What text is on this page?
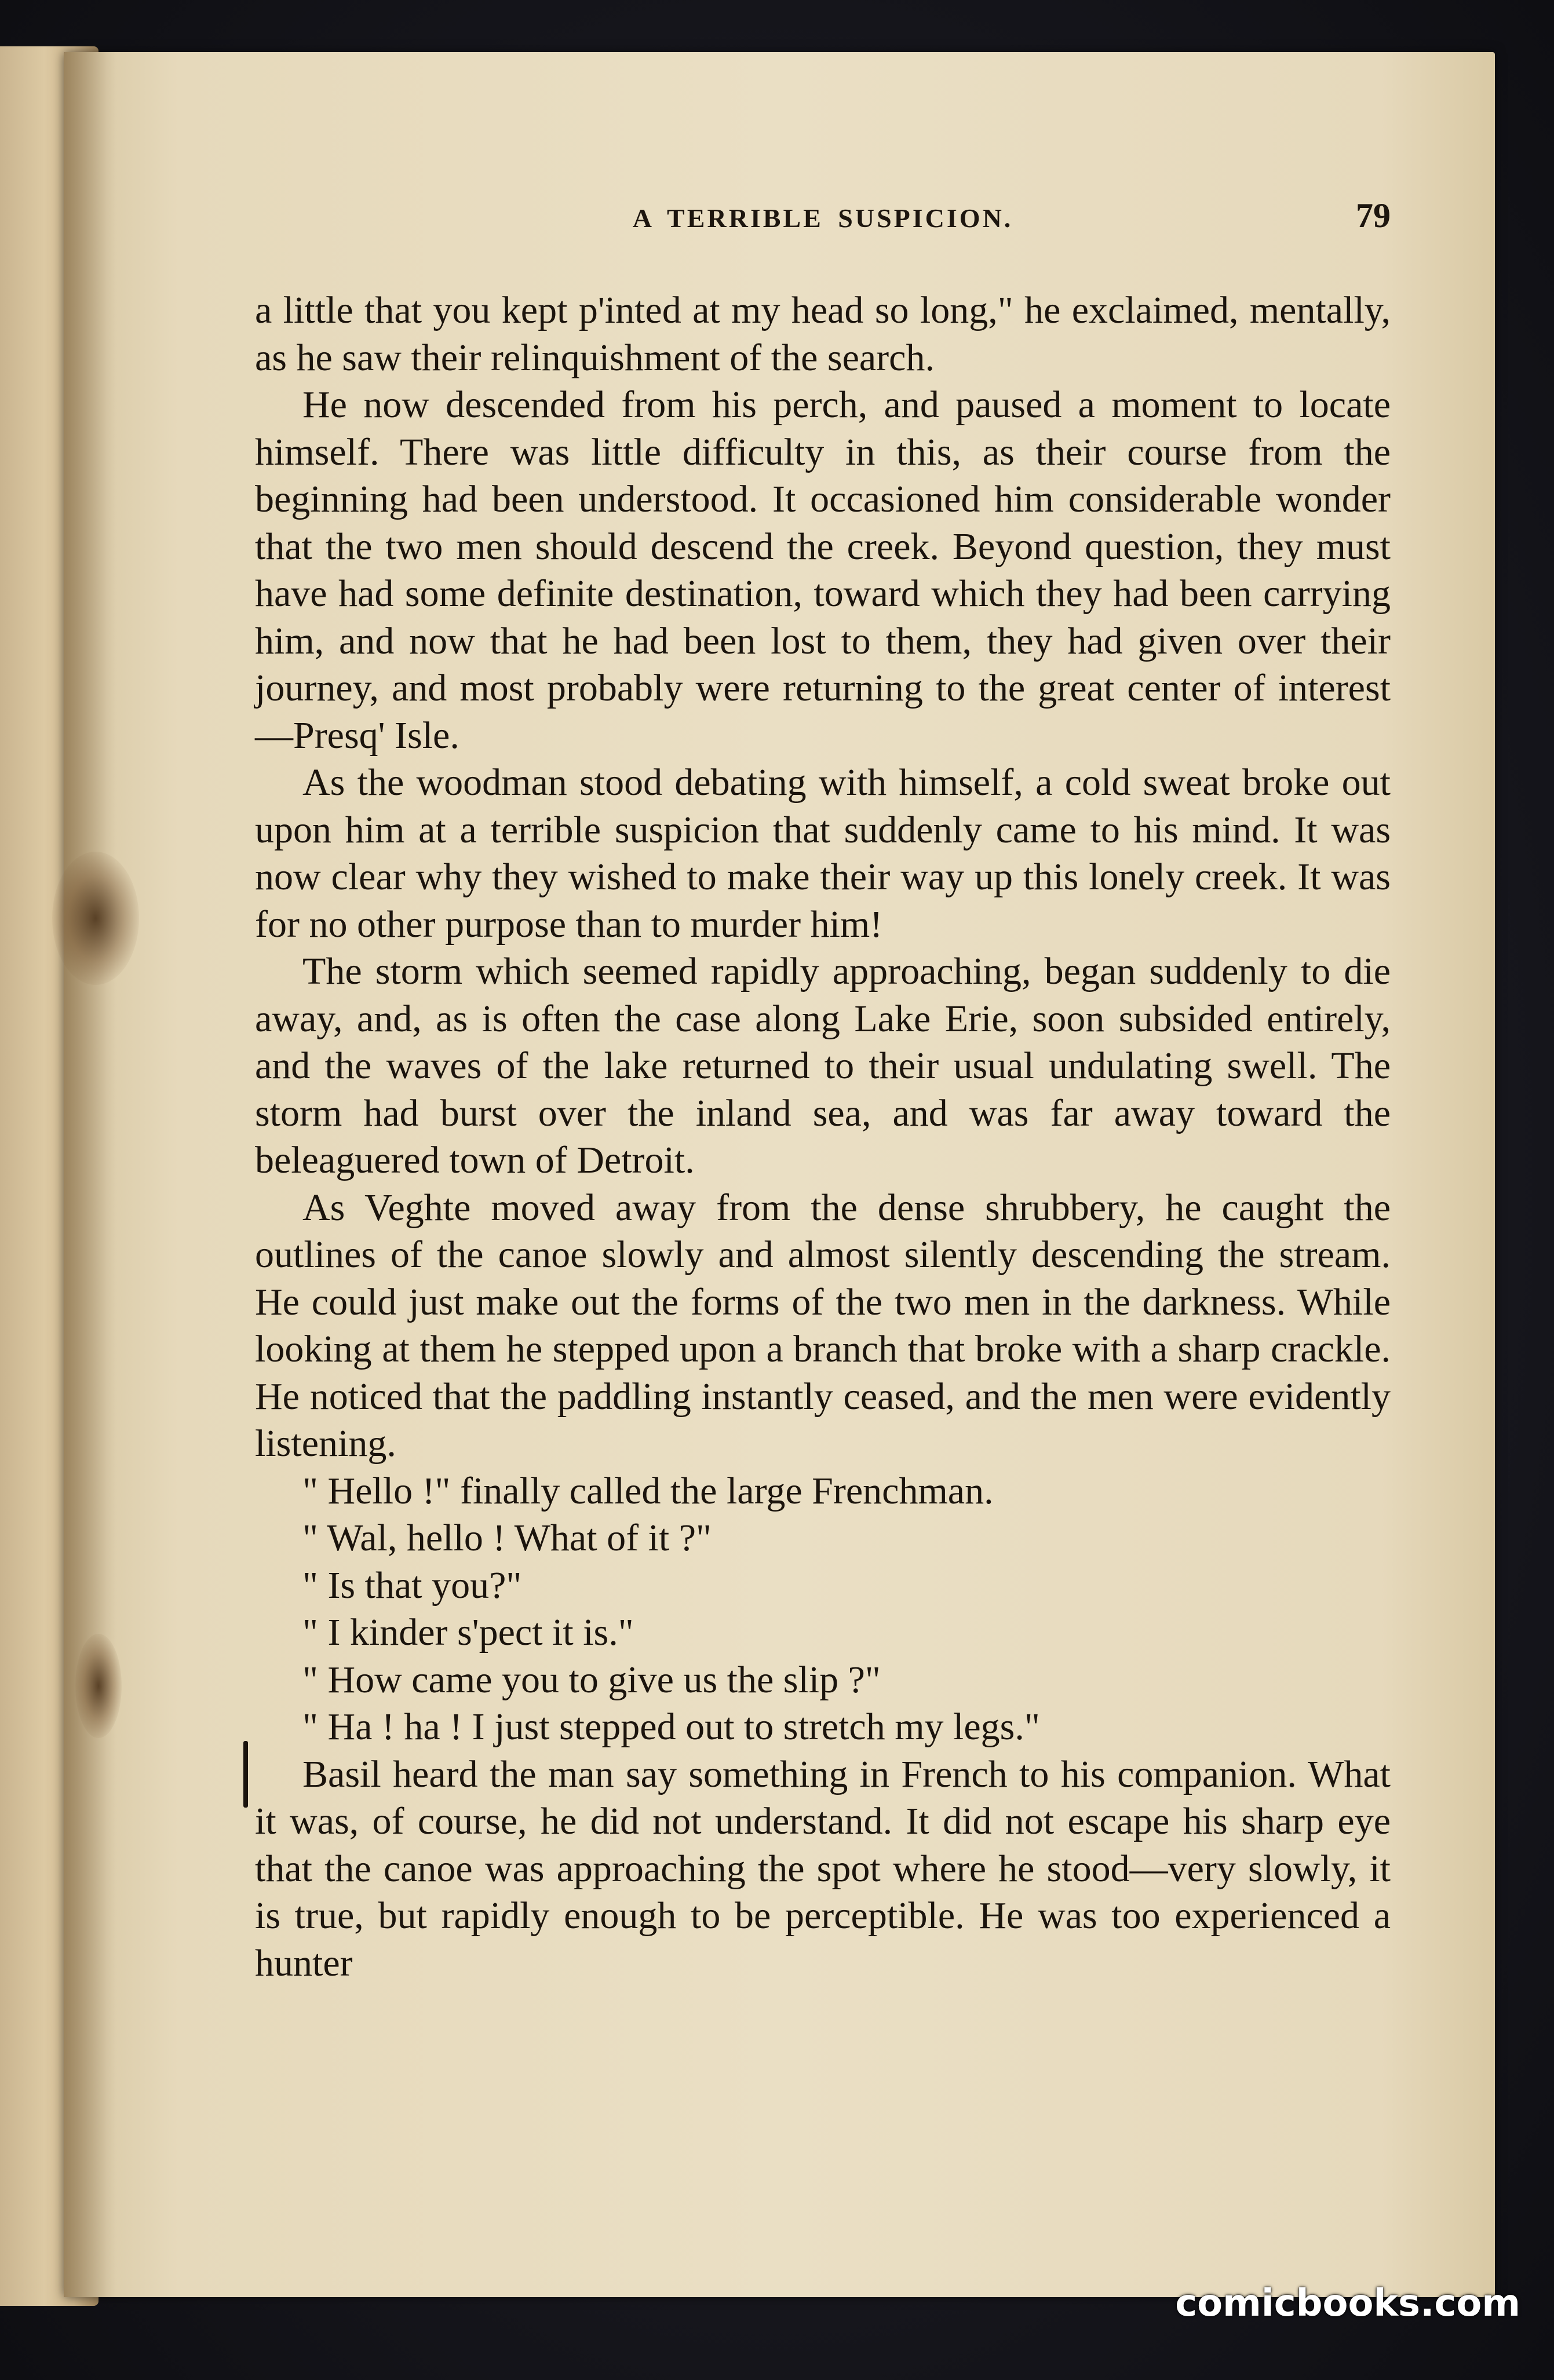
A TERRIBLE SUSPICION.	79

a little that you kept p'inted at my head so long," he exclaimed, mentally, as he saw their relinquishment of the search.

He now descended from his perch, and paused a moment to locate himself. There was little difficulty in this, as their course from the beginning had been understood. It occasioned him considerable wonder that the two men should descend the creek. Beyond question, they must have had some definite destination, toward which they had been carrying him, and now that he had been lost to them, they had given over their journey, and most probably were returning to the great center of interest—Presq' Isle.

As the woodman stood debating with himself, a cold sweat broke out upon him at a terrible suspicion that suddenly came to his mind. It was now clear why they wished to make their way up this lonely creek. It was for no other purpose than to murder him!

The storm which seemed rapidly approaching, began suddenly to die away, and, as is often the case along Lake Erie, soon subsided entirely, and the waves of the lake returned to their usual undulating swell. The storm had burst over the inland sea, and was far away toward the beleaguered town of Detroit.

As Veghte moved away from the dense shrubbery, he caught the outlines of the canoe slowly and almost silently descending the stream. He could just make out the forms of the two men in the darkness. While looking at them he stepped upon a branch that broke with a sharp crackle. He noticed that the paddling instantly ceased, and the men were evidently listening.

" Hello !" finally called the large Frenchman.

" Wal, hello ! What of it ?"

" Is that you?"

" I kinder s'pect it is."

" How came you to give us the slip ?"

" Ha ! ha ! I just stepped out to stretch my legs."

Basil heard the man say something in French to his companion. What it was, of course, he did not understand. It did not escape his sharp eye that the canoe was approaching the spot where he stood—very slowly, it is true, but rapidly enough to be perceptible. He was too experienced a hunter

comicbooks.com
